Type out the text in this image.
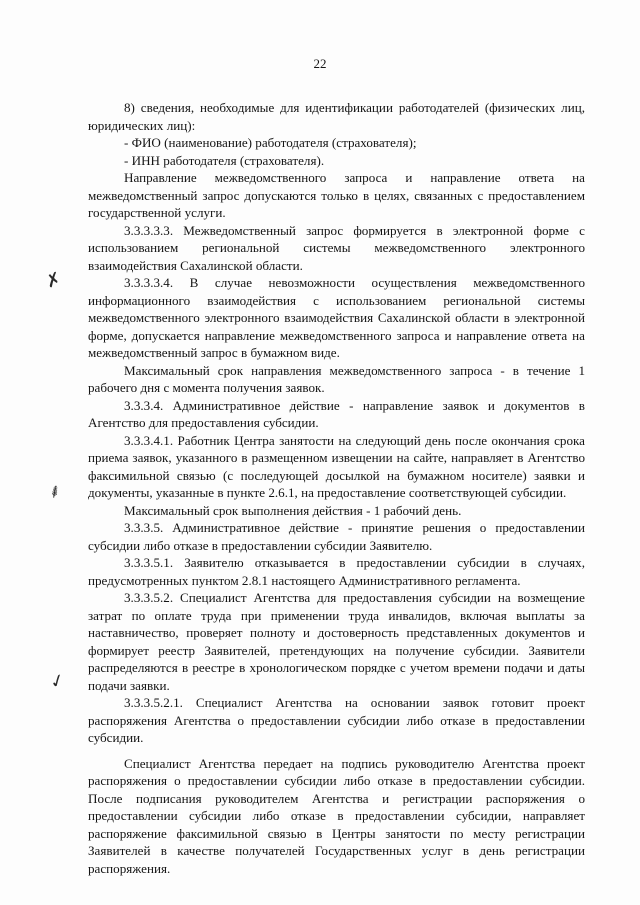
22
✗
⸙
✓

8) сведения, необходимые для идентификации работодателей (физических лиц, юридических лиц):

- ФИО (наименование) работодателя (страхователя);

- ИНН работодателя (страхователя).

Направление межведомственного запроса и направление ответа на межведомственный запрос допускаются только в целях, связанных с предоставлением государственной услуги.

3.3.3.3.3. Межведомственный запрос формируется в электронной форме с использованием региональной системы межведомственного электронного взаимодействия Сахалинской области.

3.3.3.3.4. В случае невозможности осуществления межведомственного информационного взаимодействия с использованием региональной системы межведомственного электронного взаимодействия Сахалинской области в электронной форме, допускается направление межведомственного запроса и направление ответа на межведомственный запрос в бумажном виде.

Максимальный срок направления межведомственного запроса - в течение 1 рабочего дня с момента получения заявок.

3.3.3.4. Административное действие - направление заявок и документов в Агентство для предоставления субсидии.

3.3.3.4.1. Работник Центра занятости на следующий день после окончания срока приема заявок, указанного в размещенном извещении на сайте, направляет в Агентство факсимильной связью (с последующей досылкой на бумажном носителе) заявки и документы, указанные в пункте 2.6.1, на предоставление соответствующей субсидии.

Максимальный срок выполнения действия - 1 рабочий день.

3.3.3.5. Административное действие - принятие решения о предоставлении субсидии либо отказе в предоставлении субсидии Заявителю.

3.3.3.5.1. Заявителю отказывается в предоставлении субсидии в случаях, предусмотренных пунктом 2.8.1 настоящего Административного регламента.

3.3.3.5.2. Специалист Агентства для предоставления субсидии на возмещение затрат по оплате труда при применении труда инвалидов, включая выплаты за наставничество, проверяет полноту и достоверность представленных документов и формирует реестр Заявителей, претендующих на получение субсидии. Заявители распределяются в реестре в хронологическом порядке с учетом времени подачи и даты подачи заявки.

3.3.3.5.2.1. Специалист Агентства на основании заявок готовит проект распоряжения Агентства о предоставлении субсидии либо отказе в предоставлении субсидии.

Специалист Агентства передает на подпись руководителю Агентства проект распоряжения о предоставлении субсидии либо отказе в предоставлении субсидии. После подписания руководителем Агентства и регистрации распоряжения о предоставлении субсидии либо отказе в предоставлении субсидии, направляет распоряжение факсимильной связью в Центры занятости по месту регистрации Заявителей в качестве получателей Государственных услуг в день регистрации распоряжения.
